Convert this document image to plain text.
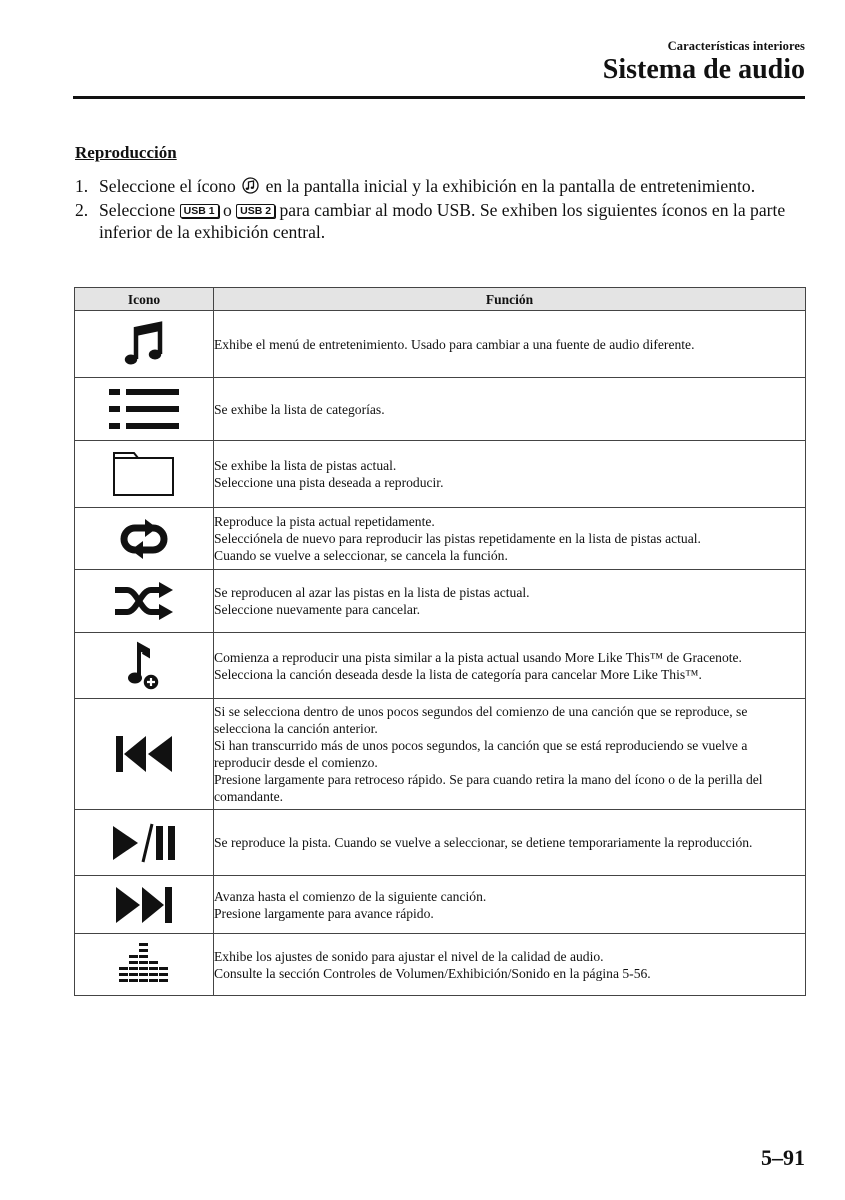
Características interiores
Sistema de audio
Reproducción
1. Seleccione el ícono en la pantalla inicial y la exhibición en la pantalla de entretenimiento.
2. Seleccione USB 1 o USB 2 para cambiar al modo USB. Se exhiben los siguientes íconos en la parte inferior de la exhibición central.
Icono	Función

Exhibe el menú de entretenimiento. Usado para cambiar a una fuente de audio diferente.

Se exhibe la lista de categorías.

Se exhibe la lista de pistas actual.
Seleccione una pista deseada a reproducir.

Reproduce la pista actual repetidamente.
Selecciónela de nuevo para reproducir las pistas repetidamente en la lista de pistas actual.
Cuando se vuelve a seleccionar, se cancela la función.

Se reproducen al azar las pistas en la lista de pistas actual.
Seleccione nuevamente para cancelar.

Comienza a reproducir una pista similar a la pista actual usando More Like This™ de Gracenote.
Selecciona la canción deseada desde la lista de categoría para cancelar More Like This™.

Si se selecciona dentro de unos pocos segundos del comienzo de una canción que se reproduce, se selecciona la canción anterior.
Si han transcurrido más de unos pocos segundos, la canción que se está reproduciendo se vuelve a reproducir desde el comienzo.
Presione largamente para retroceso rápido. Se para cuando retira la mano del ícono o de la perilla del comandante.

Se reproduce la pista. Cuando se vuelve a seleccionar, se detiene temporariamente la reproducción.

Avanza hasta el comienzo de la siguiente canción.
Presione largamente para avance rápido.

Exhibe los ajustes de sonido para ajustar el nivel de la calidad de audio.
Consulte la sección Controles de Volumen/Exhibición/Sonido en la página 5-56.
5–91
